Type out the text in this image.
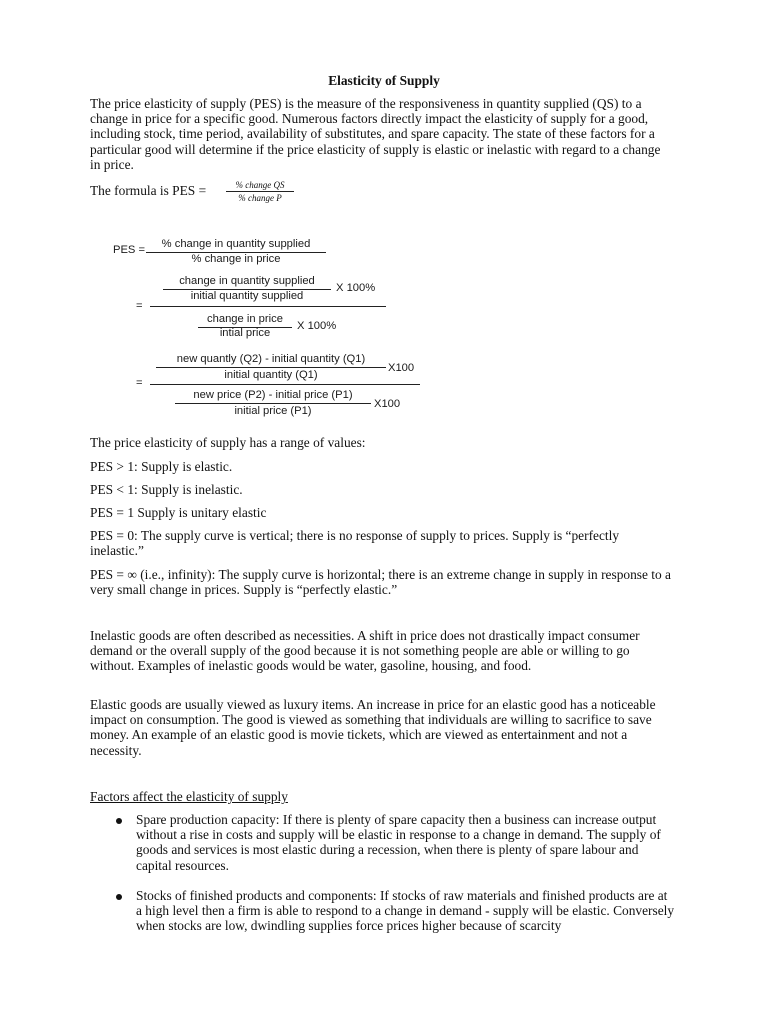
Elasticity of Supply

The price elasticity of supply (PES) is the measure of the responsiveness in quantity supplied (QS) to a change in price for a specific good. Numerous factors directly impact the elasticity of supply for a good, including stock, time period, availability of substitutes, and spare capacity. The state of these factors for a particular good will determine if the price elasticity of supply is elastic or inelastic with regard to a change in price.

The formula is PES =	% change QS
% change P
PES =	% change in quantity supplied
% change in price
change in quantity supplied
initial quantity supplied
X 100%
=
change in price
intial price
X 100%
new quantly (Q2) - initial quantity (Q1)
initial quantity (Q1)
X100
=
new price (P2) - initial price (P1)
initial price (P1)
X100

The price elasticity of supply has a range of values:

PES > 1: Supply is elastic.

PES < 1: Supply is inelastic.

PES = 1 Supply is unitary elastic

PES = 0: The supply curve is vertical; there is no response of supply to prices. Supply is “perfectly inelastic.”

PES = ∞ (i.e., infinity): The supply curve is horizontal; there is an extreme change in supply in response to a very small change in prices. Supply is “perfectly elastic.”

Inelastic goods are often described as necessities. A shift in price does not drastically impact consumer demand or the overall supply of the good because it is not something people are able or willing to go without. Examples of inelastic goods would be water, gasoline, housing, and food.

Elastic goods are usually viewed as luxury items. An increase in price for an elastic good has a noticeable impact on consumption. The good is viewed as something that individuals are willing to sacrifice to save money. An example of an elastic good is movie tickets, which are viewed as entertainment and not a necessity.

Factors affect the elasticity of supply

Spare production capacity: If there is plenty of spare capacity then a business can increase output without a rise in costs and supply will be elastic in response to a change in demand. The supply of goods and services is most elastic during a recession, when there is plenty of spare labour and capital resources.

Stocks of finished products and components: If stocks of raw materials and finished products are at a high level then a firm is able to respond to a change in demand - supply will be elastic. Conversely when stocks are low, dwindling supplies force prices higher because of scarcity
